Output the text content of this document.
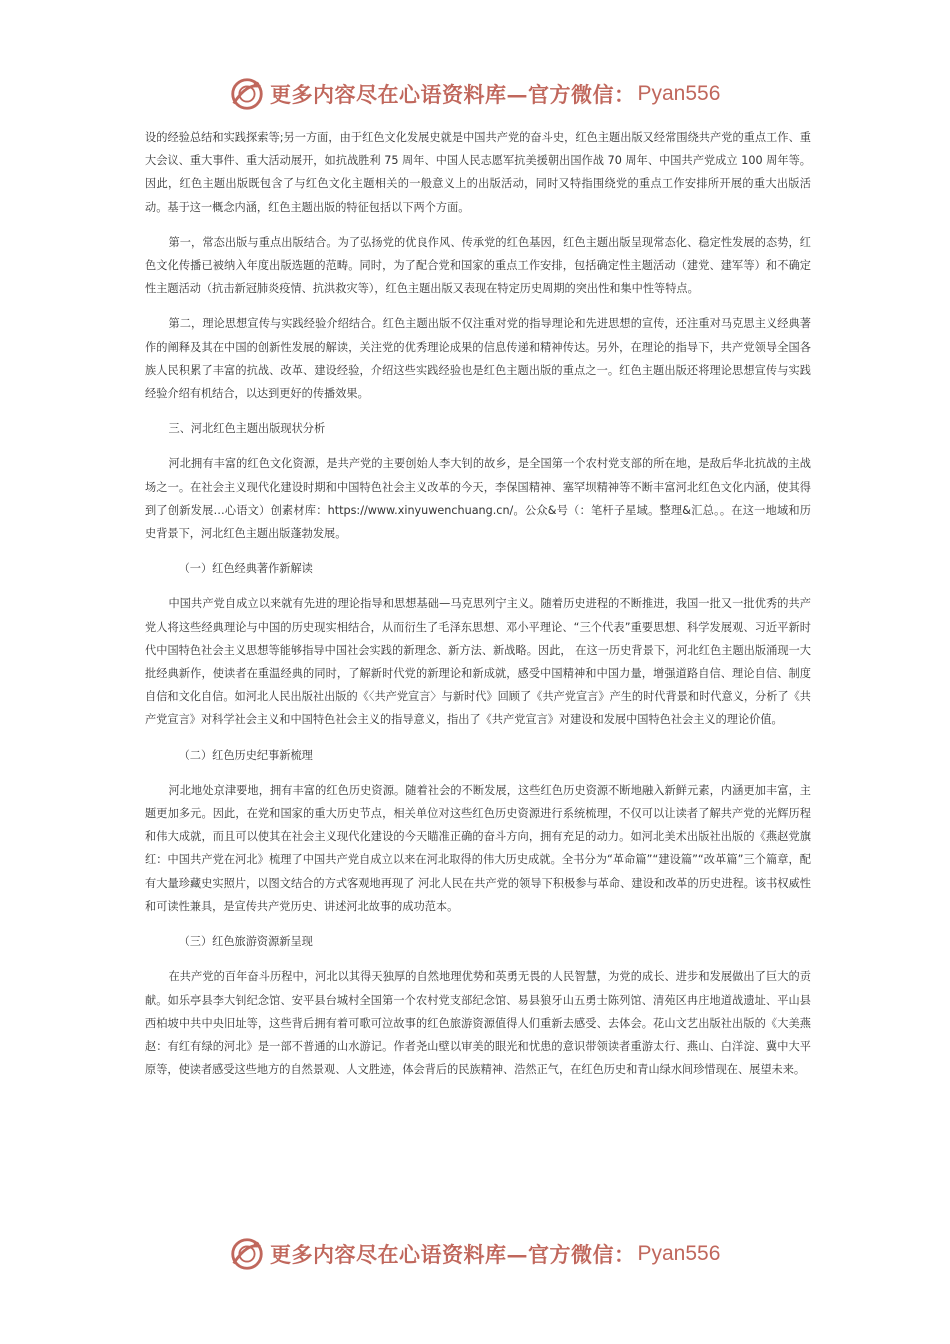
更多内容尽在心语资料库—官方微信： Pyan556

设的经验总结和实践探索等;另一方面，由于红色文化发展史就是中国共产党的奋斗史，红色主题出版又经常围绕共产党的重点工作、重大会议、重大事件、重大活动展开，如抗战胜利 75 周年、中国人民志愿军抗美援朝出国作战 70 周年、中国共产党成立 100 周年等。因此，红色主题出版既包含了与红色文化主题相关的一般意义上的出版活动，同时又特指围绕党的重点工作安排所开展的重大出版活动。基于这一概念内涵，红色主题出版的特征包括以下两个方面。

第一，常态出版与重点出版结合。为了弘扬党的优良作风、传承党的红色基因，红色主题出版呈现常态化、稳定性发展的态势，红色文化传播已被纳入年度出版选题的范畴。同时，为了配合党和国家的重点工作安排，包括确定性主题活动（建党、建军等）和不确定性主题活动（抗击新冠肺炎疫情、抗洪救灾等），红色主题出版又表现在特定历史周期的突出性和集中性等特点。

第二，理论思想宣传与实践经验介绍结合。红色主题出版不仅注重对党的指导理论和先进思想的宣传，还注重对马克思主义经典著作的阐释及其在中国的创新性发展的解读，关注党的优秀理论成果的信息传递和精神传达。另外，在理论的指导下，共产党领导全国各族人民积累了丰富的抗战、改革、建设经验，介绍这些实践经验也是红色主题出版的重点之一。红色主题出版还将理论思想宣传与实践经验介绍有机结合，以达到更好的传播效果。

三、河北红色主题出版现状分析

河北拥有丰富的红色文化资源，是共产党的主要创始人李大钊的故乡，是全国第一个农村党支部的所在地，是敌后华北抗战的主战场之一。在社会主义现代化建设时期和中国特色社会主义改革的今天，李保国精神、塞罕坝精神等不断丰富河北红色文化内涵，使其得到了创新发展…心语文）创素材库：https://www.xinyuwenchuang.cn/。公众&号（：笔杆子星域。整理&汇总。。在这一地域和历史背景下，河北红色主题出版蓬勃发展。

（一）红色经典著作新解读

中国共产党自成立以来就有先进的理论指导和思想基础—马克思列宁主义。随着历史进程的不断推进，我国一批又一批优秀的共产党人将这些经典理论与中国的历史现实相结合，从而衍生了毛泽东思想、邓小平理论、“三个代表”重要思想、科学发展观、习近平新时代中国特色社会主义思想等能够指导中国社会实践的新理念、新方法、新战略。因此， 在这一历史背景下，河北红色主题出版涌现一大批经典新作，使读者在重温经典的同时，了解新时代党的新理论和新成就，感受中国精神和中国力量，增强道路自信、理论自信、制度自信和文化自信。如河北人民出版社出版的《〈共产党宣言〉与新时代》回顾了《共产党宣言》产生的时代背景和时代意义，分析了《共产党宣言》对科学社会主义和中国特色社会主义的指导意义，指出了《共产党宣言》对建设和发展中国特色社会主义的理论价值。

（二）红色历史纪事新梳理

河北地处京津要地，拥有丰富的红色历史资源。随着社会的不断发展，这些红色历史资源不断地融入新鲜元素，内涵更加丰富，主题更加多元。因此，在党和国家的重大历史节点，相关单位对这些红色历史资源进行系统梳理，不仅可以让读者了解共产党的光辉历程和伟大成就，而且可以使其在社会主义现代化建设的今天瞄准正确的奋斗方向，拥有充足的动力。如河北美术出版社出版的《燕赵党旗红：中国共产党在河北》梳理了中国共产党自成立以来在河北取得的伟大历史成就。全书分为“革命篇”“建设篇”“改革篇”三个篇章，配有大量珍藏史实照片，以图文结合的方式客观地再现了 河北人民在共产党的领导下积极参与革命、建设和改革的历史进程。该书权威性和可读性兼具，是宣传共产党历史、讲述河北故事的成功范本。

（三）红色旅游资源新呈现

在共产党的百年奋斗历程中，河北以其得天独厚的自然地理优势和英勇无畏的人民智慧，为党的成长、进步和发展做出了巨大的贡献。如乐亭县李大钊纪念馆、安平县台城村全国第一个农村党支部纪念馆、易县狼牙山五勇士陈列馆、清苑区冉庄地道战遗址、平山县西柏坡中共中央旧址等，这些背后拥有着可歌可泣故事的红色旅游资源值得人们重新去感受、去体会。花山文艺出版社出版的《大美燕赵：有红有绿的河北》是一部不普通的山水游记。作者尧山壁以审美的眼光和忧患的意识带领读者重游太行、燕山、白洋淀、冀中大平原等，使读者感受这些地方的自然景观、人文胜迹，体会背后的民族精神、浩然正气，在红色历史和青山绿水间珍惜现在、展望未来。

更多内容尽在心语资料库—官方微信： Pyan556
